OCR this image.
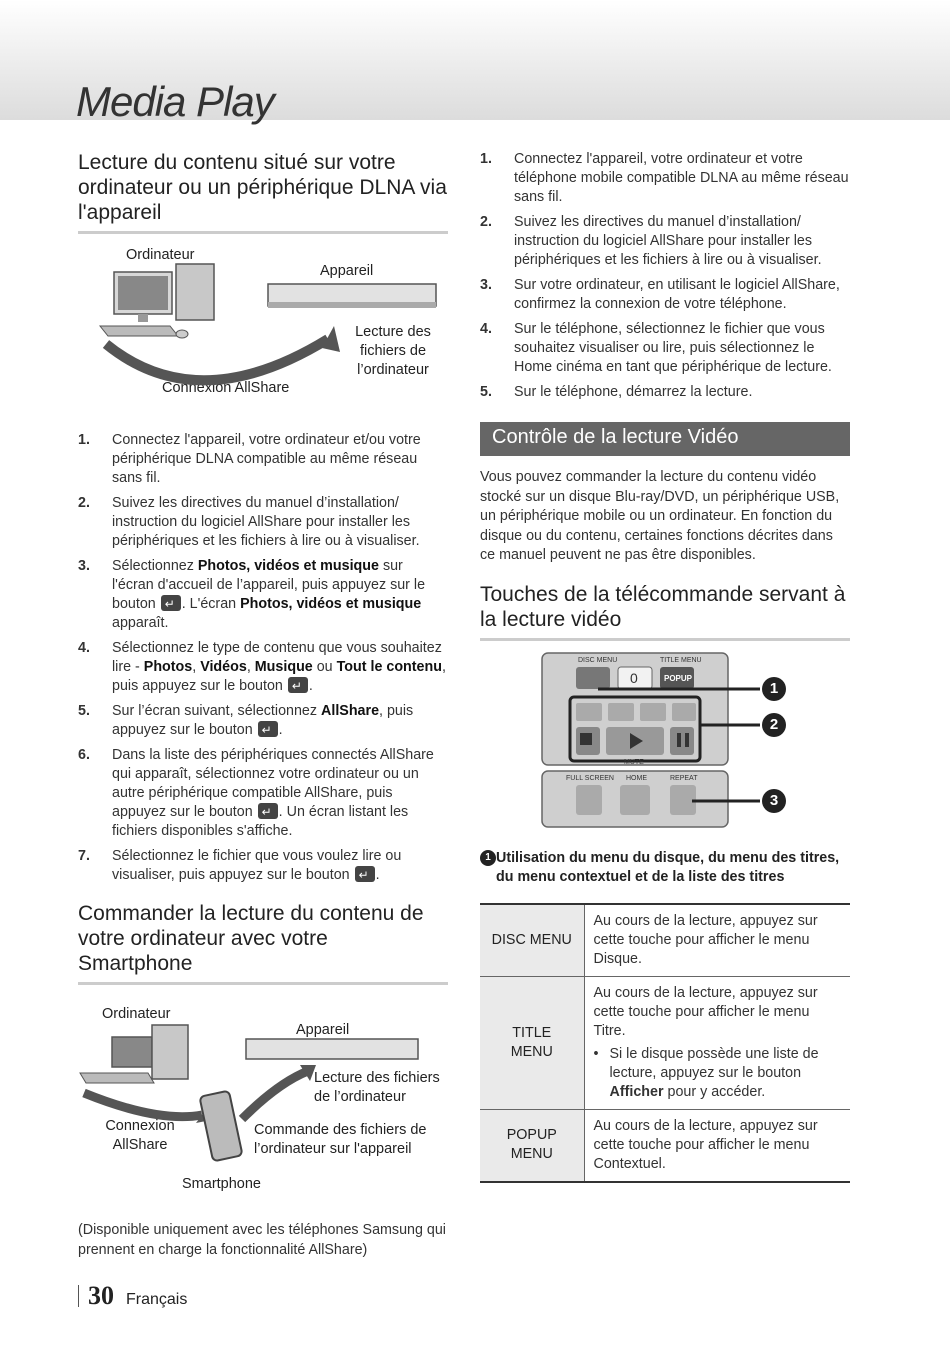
Media Play
Lecture du contenu situé sur votre ordinateur ou un périphérique DLNA via l'appareil
Ordinateur
Appareil
Lecture des fichiers de l’ordinateur
Connexion AllShare
1. Connectez l'appareil, votre ordinateur et/ou votre périphérique DLNA compatible au même réseau sans fil.
2. Suivez les directives du manuel d’installation/ instruction du logiciel AllShare pour installer les périphériques et les fichiers à lire ou à visualiser.
3. Sélectionnez Photos, vidéos et musique sur l'écran d'accueil de l’appareil, puis appuyez sur le bouton ↵. L'écran Photos, vidéos et musique apparaît.
4. Sélectionnez le type de contenu que vous souhaitez lire - Photos, Vidéos, Musique ou Tout le contenu, puis appuyez sur le bouton ↵.
5. Sur l’écran suivant, sélectionnez AllShare, puis appuyez sur le bouton ↵.
6. Dans la liste des périphériques connectés AllShare qui apparaît, sélectionnez votre ordinateur ou un autre périphérique compatible AllShare, puis appuyez sur le bouton ↵. Un écran listant les fichiers disponibles s'affiche.
7. Sélectionnez le fichier que vous voulez lire ou visualiser, puis appuyez sur le bouton ↵.
Commander la lecture du contenu de votre ordinateur avec votre Smartphone
Ordinateur
Appareil
Lecture des fichiers de l’ordinateur
Connexion AllShare
Commande des fichiers de l’ordinateur sur l'appareil
Smartphone

(Disponible uniquement avec les téléphones Samsung qui prennent en charge la fonctionnalité AllShare)

1. Connectez l'appareil, votre ordinateur et votre téléphone mobile compatible DLNA au même réseau sans fil.
2. Suivez les directives du manuel d’installation/ instruction du logiciel AllShare pour installer les périphériques et les fichiers à lire ou à visualiser.
3. Sur votre ordinateur, en utilisant le logiciel AllShare, confirmez la connexion de votre téléphone.
4. Sur le téléphone, sélectionnez le fichier que vous souhaitez visualiser ou lire, puis sélectionnez le Home cinéma en tant que périphérique de lecture.
5. Sur le téléphone, démarrez la lecture.
Contrôle de la lecture Vidéo

Vous pouvez commander la lecture du contenu vidéo stocké sur un disque Blu-ray/DVD, un périphérique USB, un périphérique mobile ou un ordinateur. En fonction du disque ou du contenu, certaines fonctions décrites dans ce manuel peuvent ne pas être disponibles.

Touches de la télécommande servant à la lecture vidéo
DISC MENU	TITLE MENU
0	POPUP
MUTE
FULL SCREEN HOME	REPEAT
1
2
3

1 Utilisation du menu du disque, du menu des titres, du menu contextuel et de la liste des titres

DISC MENU	Au cours de la lecture, appuyez sur cette touche pour afficher le menu Disque.
TITLE MENU	Au cours de la lecture, appuyez sur cette touche pour afficher le menu Titre.
• Si le disque possède une liste de lecture, appuyez sur le bouton Afficher pour y accéder.

POPUP MENU	Au cours de la lecture, appuyez sur cette touche pour afficher le menu Contextuel.
30 Français
